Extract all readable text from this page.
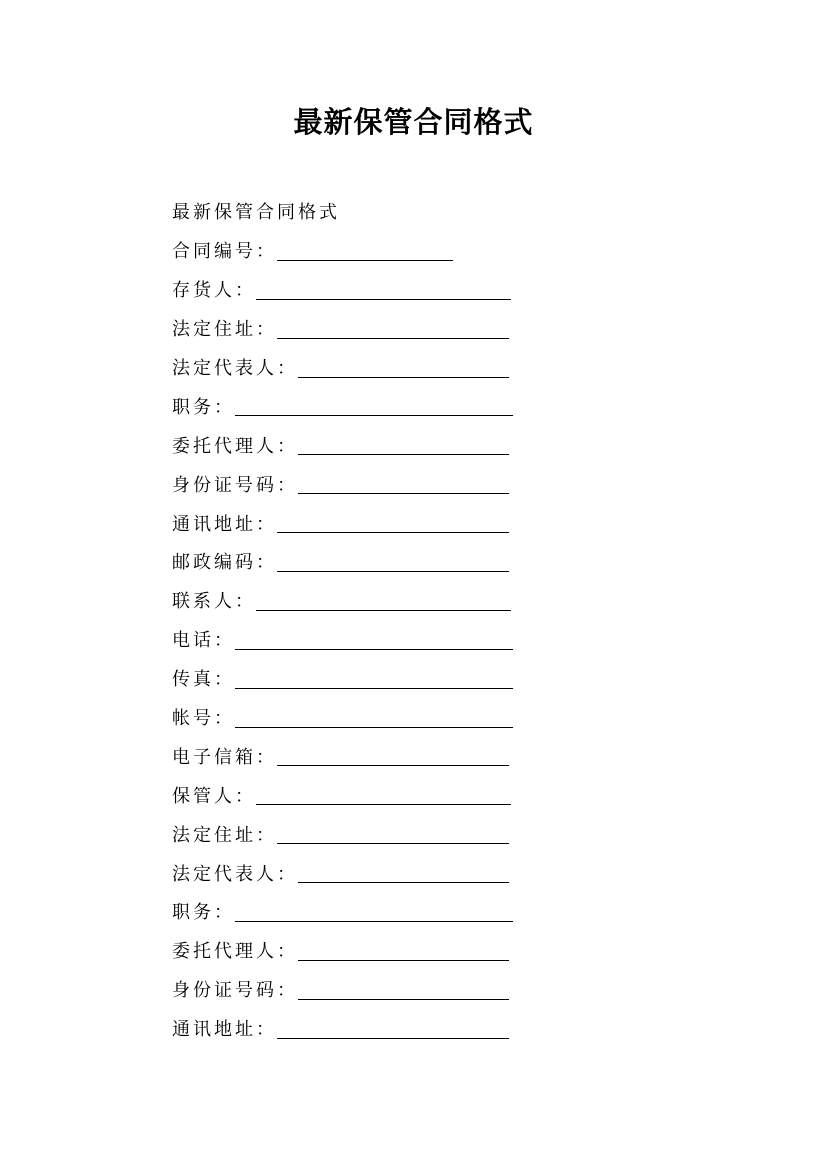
最新保管合同格式
最新保管合同格式
合同编号：
存货人：
法定住址：
法定代表人：
职务：
委托代理人：
身份证号码：
通讯地址：
邮政编码：
联系人：
电话：
传真：
帐号：
电子信箱：
保管人：
法定住址：
法定代表人：
职务：
委托代理人：
身份证号码：
通讯地址：
